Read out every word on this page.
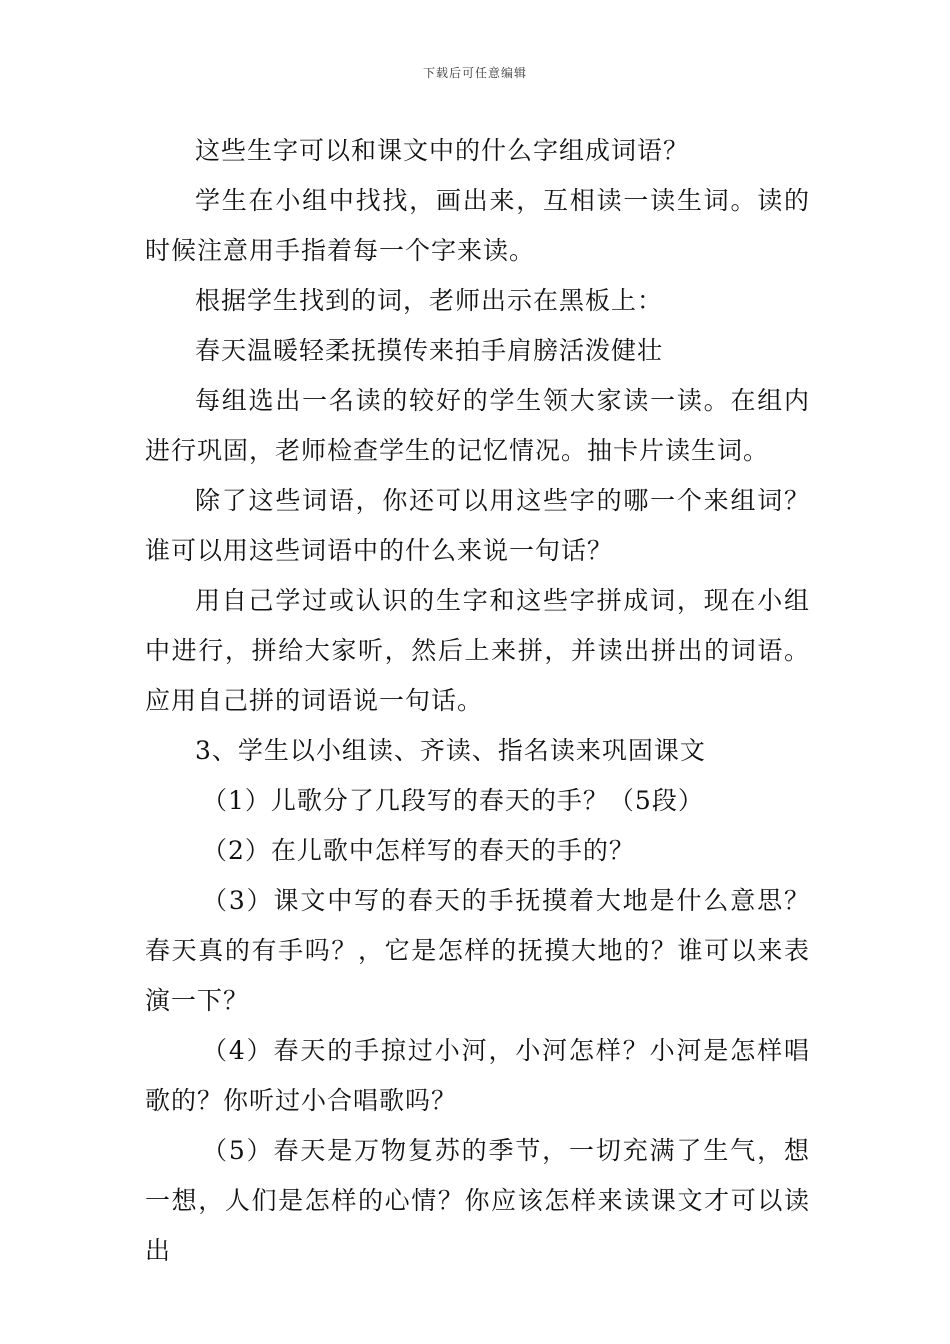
下载后可任意编辑

这些生字可以和课文中的什么字组成词语？

学生在小组中找找，画出来，互相读一读生词。读的时候注意用手指着每一个字来读。

根据学生找到的词，老师出示在黑板上：

春天温暖轻柔抚摸传来拍手肩膀活泼健壮

每组选出一名读的较好的学生领大家读一读。在组内进行巩固，老师检查学生的记忆情况。抽卡片读生词。

除了这些词语，你还可以用这些字的哪一个来组词？谁可以用这些词语中的什么来说一句话？

用自己学过或认识的生字和这些字拼成词，现在小组中进行，拼给大家听，然后上来拼，并读出拼出的词语。应用自己拼的词语说一句话。

3、学生以小组读、齐读、指名读来巩固课文

（1）儿歌分了几段写的春天的手？（5段）

（2）在儿歌中怎样写的春天的手的？

（3）课文中写的春天的手抚摸着大地是什么意思？春天真的有手吗？，它是怎样的抚摸大地的？谁可以来表演一下？

（4）春天的手掠过小河，小河怎样？小河是怎样唱歌的？你听过小合唱歌吗？

（5）春天是万物复苏的季节，一切充满了生气，想一想，人们是怎样的心情？你应该怎样来读课文才可以读出
